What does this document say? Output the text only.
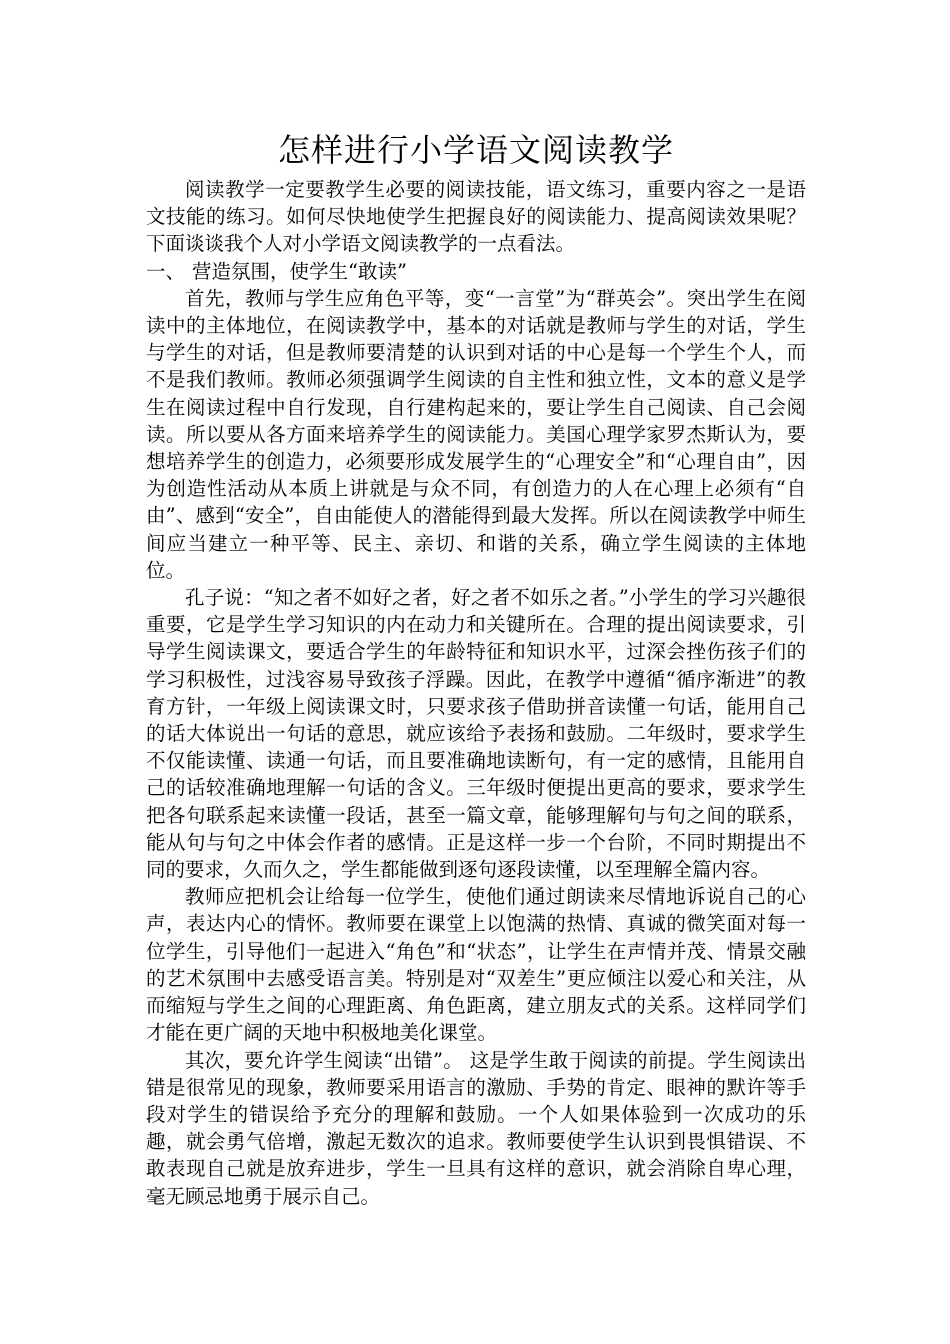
怎样进行小学语文阅读教学

阅读教学一定要教学生必要的阅读技能，语文练习，重要内容之一是语文技能的练习。如何尽快地使学生把握良好的阅读能力、提高阅读效果呢？下面谈谈我个人对小学语文阅读教学的一点看法。

一、 营造氛围，使学生“敢读”

首先，教师与学生应角色平等，变“一言堂”为“群英会”。突出学生在阅读中的主体地位，在阅读教学中，基本的对话就是教师与学生的对话，学生与学生的对话，但是教师要清楚的认识到对话的中心是每一个学生个人，而不是我们教师。教师必须强调学生阅读的自主性和独立性，文本的意义是学生在阅读过程中自行发现，自行建构起来的，要让学生自己阅读、自己会阅读。所以要从各方面来培养学生的阅读能力。美国心理学家罗杰斯认为，要想培养学生的创造力，必须要形成发展学生的“心理安全”和“心理自由”，因为创造性活动从本质上讲就是与众不同，有创造力的人在心理上必须有“自由”、感到“安全”，自由能使人的潜能得到最大发挥。所以在阅读教学中师生间应当建立一种平等、民主、亲切、和谐的关系，确立学生阅读的主体地位。

孔子说：“知之者不如好之者，好之者不如乐之者。”小学生的学习兴趣很重要，它是学生学习知识的内在动力和关键所在。合理的提出阅读要求，引导学生阅读课文，要适合学生的年龄特征和知识水平，过深会挫伤孩子们的学习积极性，过浅容易导致孩子浮躁。因此，在教学中遵循“循序渐进”的教育方针，一年级上阅读课文时，只要求孩子借助拼音读懂一句话，能用自己的话大体说出一句话的意思，就应该给予表扬和鼓励。二年级时，要求学生不仅能读懂、读通一句话，而且要准确地读断句，有一定的感情，且能用自己的话较准确地理解一句话的含义。三年级时便提出更高的要求，要求学生把各句联系起来读懂一段话，甚至一篇文章，能够理解句与句之间的联系，能从句与句之中体会作者的感情。正是这样一步一个台阶，不同时期提出不同的要求，久而久之，学生都能做到逐句逐段读懂，以至理解全篇内容。

教师应把机会让给每一位学生，使他们通过朗读来尽情地诉说自己的心声，表达内心的情怀。教师要在课堂上以饱满的热情、真诚的微笑面对每一位学生，引导他们一起进入“角色”和“状态”，让学生在声情并茂、情景交融的艺术氛围中去感受语言美。特别是对“双差生”更应倾注以爱心和关注，从而缩短与学生之间的心理距离、角色距离，建立朋友式的关系。这样同学们才能在更广阔的天地中积极地美化课堂。

其次，要允许学生阅读“出错”。 这是学生敢于阅读的前提。学生阅读出错是很常见的现象，教师要采用语言的激励、手势的肯定、眼神的默许等手段对学生的错误给予充分的理解和鼓励。一个人如果体验到一次成功的乐趣，就会勇气倍增，激起无数次的追求。教师要使学生认识到畏惧错误、不敢表现自己就是放弃进步，学生一旦具有这样的意识，就会消除自卑心理，毫无顾忌地勇于展示自己。
